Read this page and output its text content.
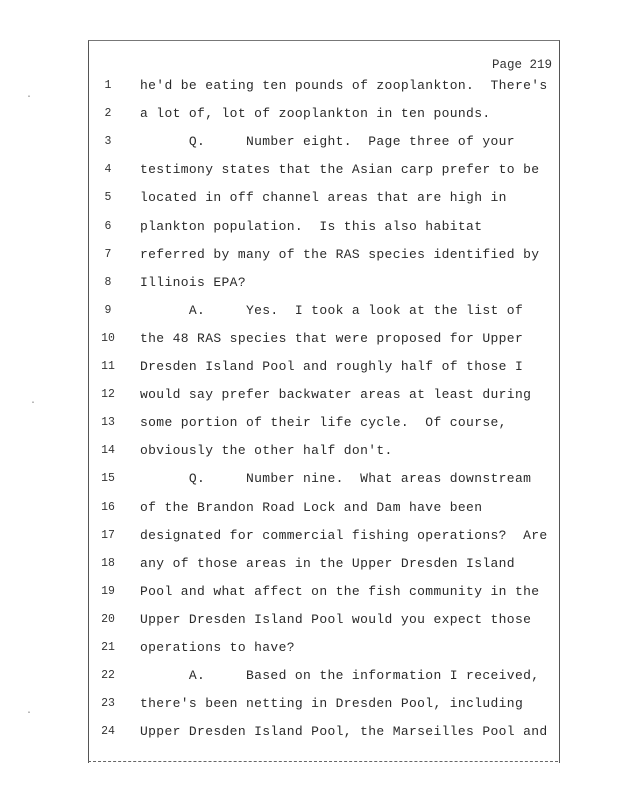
Page 219
1	he'd be eating ten pounds of zooplankton.  There's
2	a lot of, lot of zooplankton in ten pounds.
3	Q.     Number eight.  Page three of your
4	testimony states that the Asian carp prefer to be
5	located in off channel areas that are high in
6	plankton population.  Is this also habitat
7	referred by many of the RAS species identified by
8	Illinois EPA?
9	A.     Yes.  I took a look at the list of
10	the 48 RAS species that were proposed for Upper
11	Dresden Island Pool and roughly half of those I
12	would say prefer backwater areas at least during
13	some portion of their life cycle.  Of course,
14	obviously the other half don't.
15	Q.     Number nine.  What areas downstream
16	of the Brandon Road Lock and Dam have been
17	designated for commercial fishing operations?  Are
18	any of those areas in the Upper Dresden Island
19	Pool and what affect on the fish community in the
20	Upper Dresden Island Pool would you expect those
21	operations to have?
22	A.     Based on the information I received,
23	there's been netting in Dresden Pool, including
24	Upper Dresden Island Pool, the Marseilles Pool and
·
·
·
